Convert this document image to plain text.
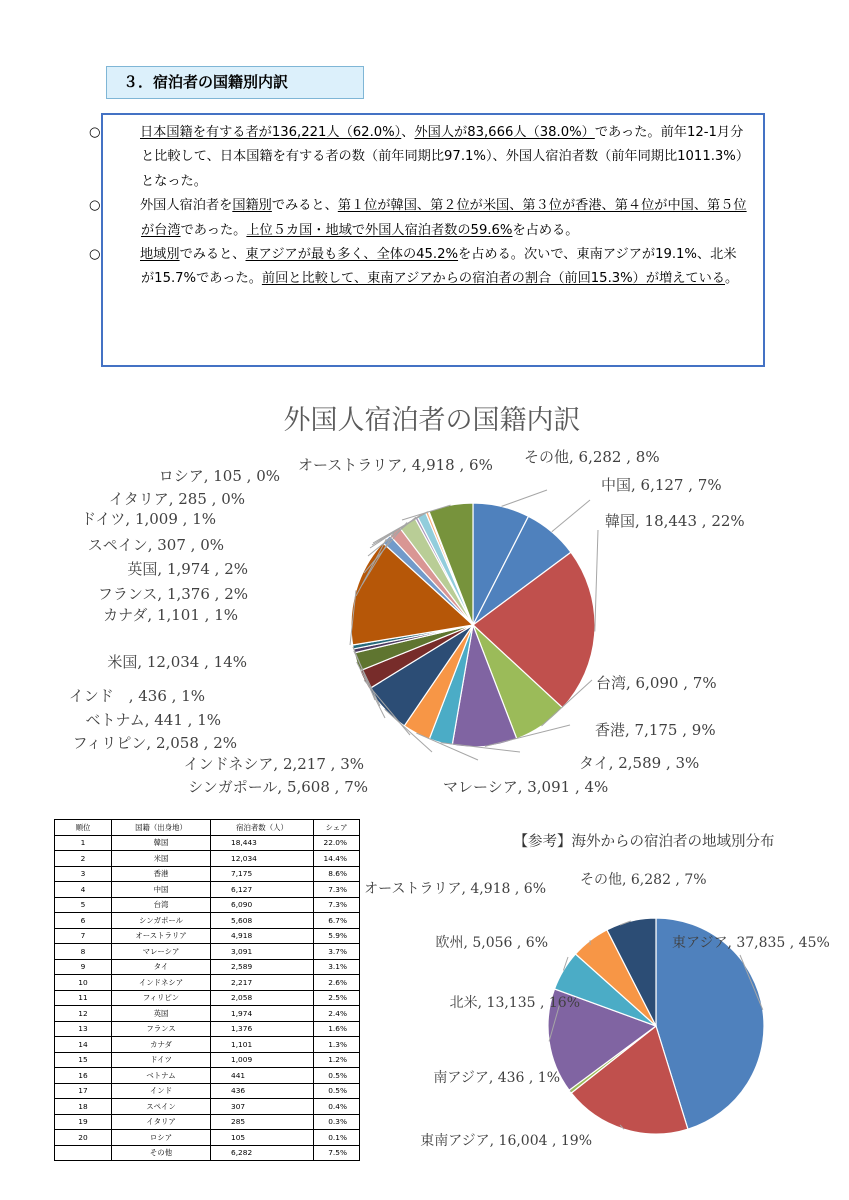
３．宿泊者の国籍別内訳

○	日本国籍を有する者が136,221人（62.0%）、外国人が83,666人（38.0%）であった。前年12-1月分と比較して、日本国籍を有する者の数（前年同期比97.1%）、外国人宿泊者数（前年同期比1011.3%）となった。

○	外国人宿泊者を国籍別でみると、第１位が韓国、第２位が米国、第３位が香港、第４位が中国、第５位が台湾であった。上位５カ国・地域で外国人宿泊者数の59.6%を占める。

○	地域別でみると、東アジアが最も多く、全体の45.2%を占める。次いで、東南アジアが19.1%、北米が15.7%であった。前回と比較して、東南アジアからの宿泊者の割合（前回15.3%）が増えている。

外国人宿泊者の国籍内訳
その他, 6,282 , 8%
中国, 6,127 , 7%
韓国, 18,443 , 22%
台湾, 6,090 , 7%
香港, 7,175 , 9%
タイ, 2,589 , 3%
マレーシア, 3,091 , 4%
シンガポール, 5,608 , 7%
インドネシア, 2,217 , 3%
フィリピン, 2,058 , 2%
ベトナム, 441 , 1%
インド　, 436 , 1%
米国, 12,034 , 14%
カナダ, 1,101 , 1%
フランス, 1,376 , 2%
英国, 1,974 , 2%
スペイン, 307 , 0%
ドイツ, 1,009 , 1%
イタリア, 285 , 0%
ロシア, 105 , 0%
オーストラリア, 4,918 , 6%
【参考】海外からの宿泊者の地域別分布
東アジア, 37,835 , 45%
東南アジア, 16,004 , 19%
南アジア, 436 , 1%
北米, 13,135 , 16%
欧州, 5,056 , 6%
オーストラリア, 4,918 , 6%
その他, 6,282 , 7%
順位	国籍（出身地）	宿泊者数（人）	シェア
1	韓国	18,443	22.0%
2	米国	12,034	14.4%
3	香港	7,175	8.6%
4	中国	6,127	7.3%
5	台湾	6,090	7.3%
6	シンガポール	5,608	6.7%
7	オーストラリア	4,918	5.9%
8	マレーシア	3,091	3.7%
9	タイ	2,589	3.1%
10	インドネシア	2,217	2.6%
11	フィリピン	2,058	2.5%
12	英国	1,974	2.4%
13	フランス	1,376	1.6%
14	カナダ	1,101	1.3%
15	ドイツ	1,009	1.2%
16	ベトナム	441	0.5%
17	インド	436	0.5%
18	スペイン	307	0.4%
19	イタリア	285	0.3%
20	ロシア	105	0.1%
	その他	6,282	7.5%
